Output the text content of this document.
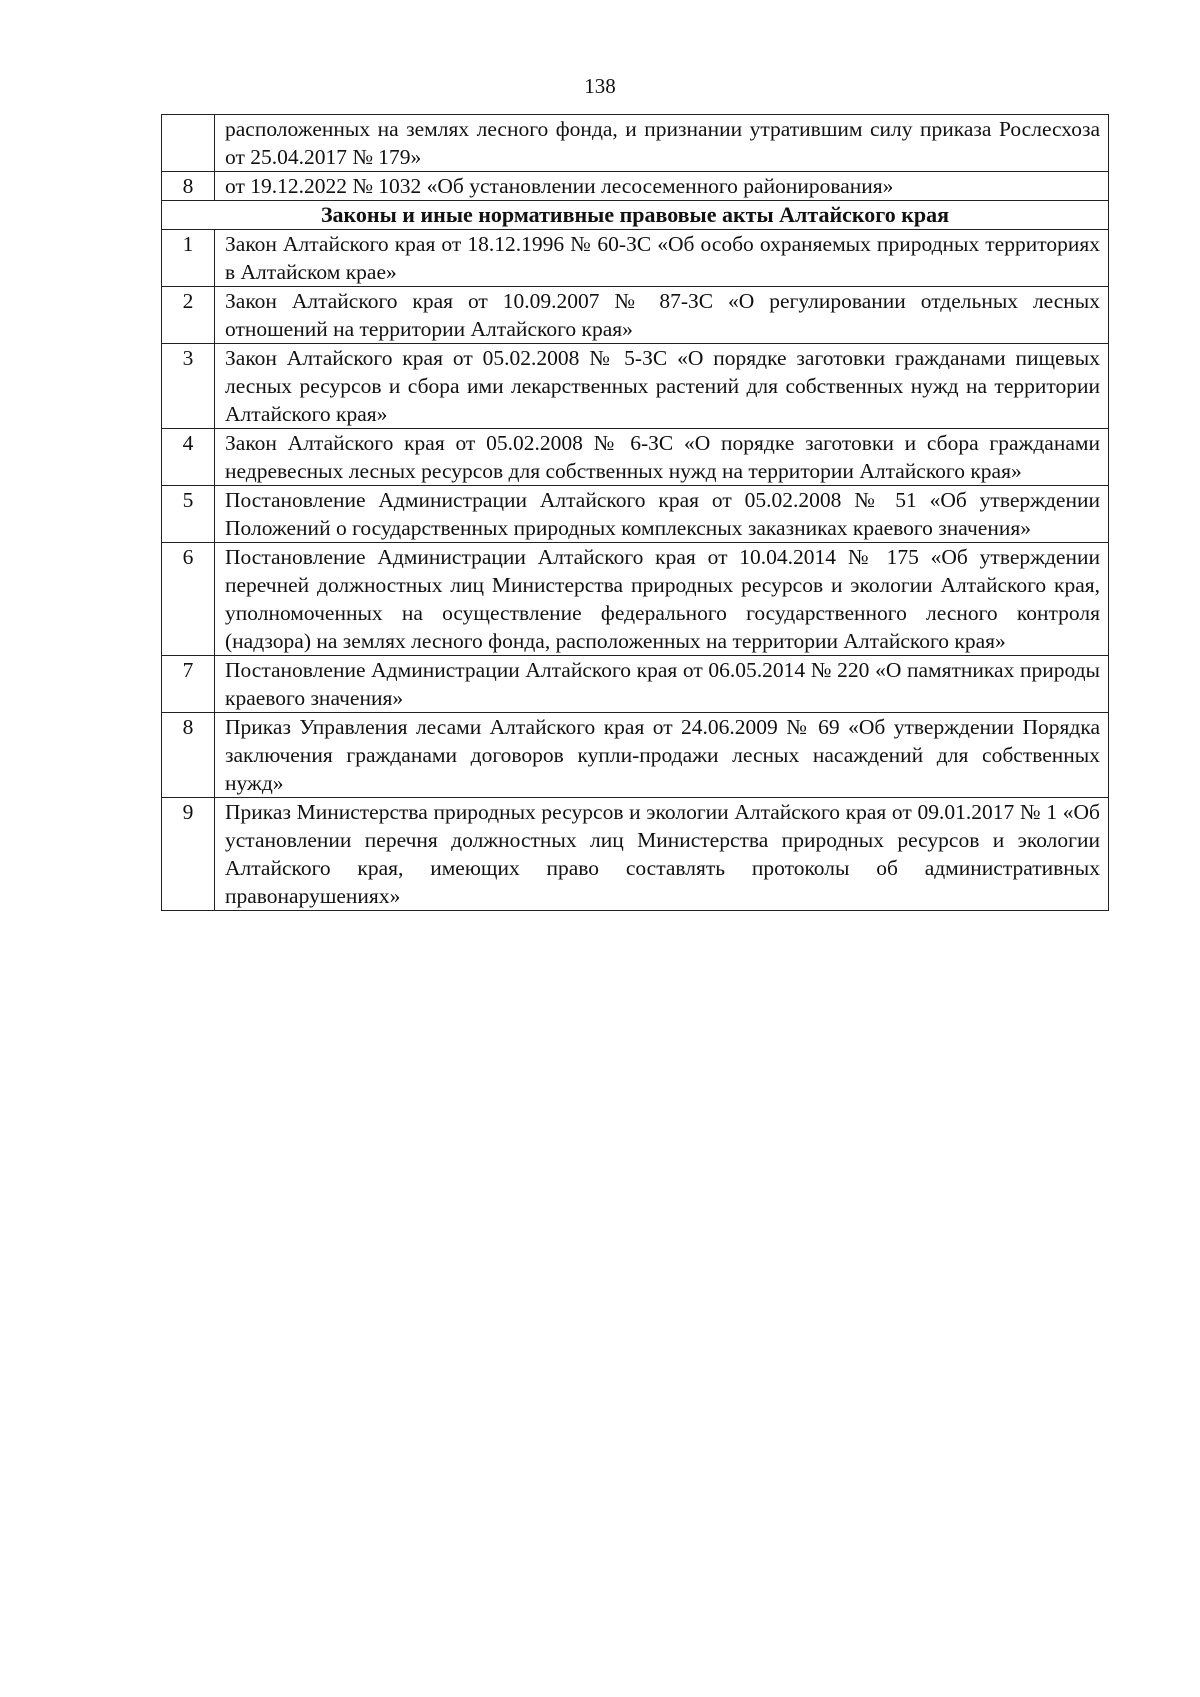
138
	расположенных на землях лесного фонда, и признании утратившим силу приказа Рослесхоза от 25.04.2017 № 179»
8	от 19.12.2022 № 1032 «Об установлении лесосеменного районирования»
Законы и иные нормативные правовые акты Алтайского края	
1	Закон Алтайского края от 18.12.1996 № 60-ЗС «Об особо охраняемых природных территориях в Алтайском крае»
2	Закон Алтайского края от 10.09.2007 № 87-ЗС «О регулировании отдельных лесных отношений на территории Алтайского края»
3	Закон Алтайского края от 05.02.2008 № 5-ЗС «О порядке заготовки гражданами пищевых лесных ресурсов и сбора ими лекарственных растений для собственных нужд на территории Алтайского края»
4	Закон Алтайского края от 05.02.2008 № 6-ЗС «О порядке заготовки и сбора гражданами недревесных лесных ресурсов для собственных нужд на территории Алтайского края»
5	Постановление Администрации Алтайского края от 05.02.2008 № 51 «Об утверждении Положений о государственных природных комплексных заказниках краевого значения»
6	Постановление Администрации Алтайского края от 10.04.2014 № 175 «Об утверждении перечней должностных лиц Министерства природных ресурсов и экологии Алтайского края, уполномоченных на осуществление федерального государственного лесного контроля (надзора) на землях лесного фонда, расположенных на территории Алтайского края»
7	Постановление Администрации Алтайского края от 06.05.2014 № 220 «О памятниках природы краевого значения»
8	Приказ Управления лесами Алтайского края от 24.06.2009 № 69 «Об утверждении Порядка заключения гражданами договоров купли-продажи лесных насаждений для собственных нужд»
9	Приказ Министерства природных ресурсов и экологии Алтайского края от 09.01.2017 № 1 «Об установлении перечня должностных лиц Министерства природных ресурсов и экологии Алтайского края, имеющих право составлять протоколы об административных правонарушениях»
